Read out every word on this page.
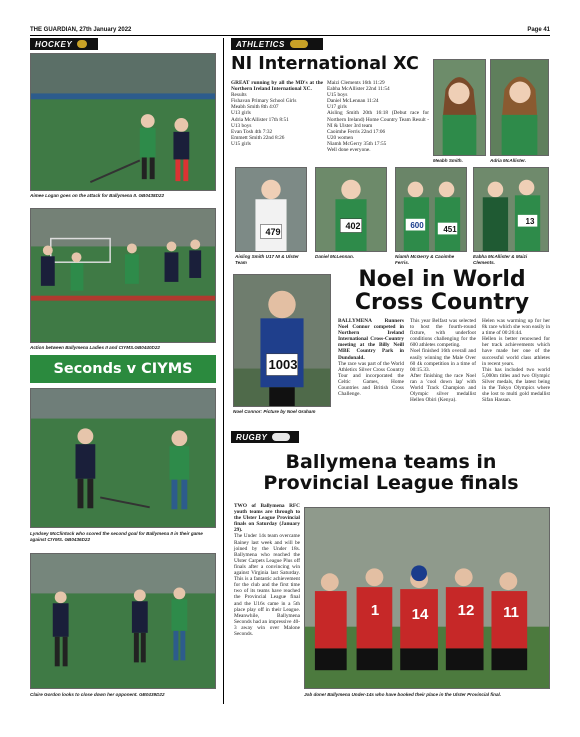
THE GUARDIAN, 27th January 2022	Page 41
HOCKEY
Aimee Logan goes on the attack for Ballymena II. GB0438D22
Action between Ballymena Ladies II and CIYMS.GB0440D22
Seconds v CIYMS
Lyndsey McClintock who scored the second goal for Ballymena II in their game against CIYMS. GB0436D22
Claire Gordon looks to close down her opponent. GB0439D22
ATHLETICS
NI International XC
GREAT running by all the MD's at the Northern Ireland International XC.
Results
Fishavan Primary School Girls
Meabh Smith 8th 4:07
U13 girls
Adria McAllister 17th 8:51
U13 boys
Evan Tosh 4th 7:32
Emmett Smith 22nd 8:26
U15 girls
Maizi Clements 16th 11:29
Eabha McAllister 22nd 11:54
U15 boys
Daniel McLennan 11:24
U17 girls
Aisling Smith 20th 16:18 (Debut race for Northern Ireland) Home Country Team Result - NI & Ulster 3rd team
Caoimhe Ferris 22nd 17:06
U20 women
Niamh McGerry 35th 17:55
Well done everyone.
Meabh Smith.	Adria McAllister.
479
402	600	451
13
Aisling Smith U17 NI & Ulster Team
Daniel McLennan.	Niamh McGerry & Caoimhe Ferris.
Eabha McAllister & Maizi Clements.
1003
Noel Connor: Picture by Noel Graham
Noel in World
Cross Country
BALLYMENA Runners Noel Connor competed in Northern Ireland International Cross-Country meeting at the Billy Neill MBE Country Park in Dundonald.
The race was part of the World Athletics Silver Cross Country Tour and incorporated the Celtic Games, Home Countries and British Cross Challenge.
This year Belfast was selected to host the fourth-round fixture, with underfoot conditions challenging for the 600 athletes competing.
Noel finished 16th overall and easily winning the Male Over 60 4k competition in a time of 00:15.33.
After finishing the race Noel ran a 'cool down lap' with World Track Champion and Olympic silver medallist Hellen Obiri (Kenya).
Helen was warming up for her 8k race which she won easily in a time of 00:26:44.
Hellen is better renowned for her track achievements which have made her one of the successful world class athletes in recent years.
This has included two world 5,000m titles and two Olympic Silver medals, the latest being in the Tokyo Olympics where she lost to multi gold medallist Sifan Hassan.
RUGBY
Ballymena teams in
Provincial League finals
TWO of Ballymena RFC youth teams are through to the Ulster League Provincial finals on Saturday (January 29).
The Under 14s team overcame Rainey last week and will be joined by the Under 18s. Ballymena who reached the Ulster Carpets League Plus off finals after a convincing win against Virginia last Saturday. This is a fantastic achievement for the club and the first time two of its teams have reached the Provincial League final and the U16s came in a 5th place play off in their League. Meanwhile, Ballymena Seconds had an impressive 40-3 away win over Malone Seconds.
1	14 12 11
Job done! Ballymena Under-14s who have booked their place in the Ulster Provincial final.
